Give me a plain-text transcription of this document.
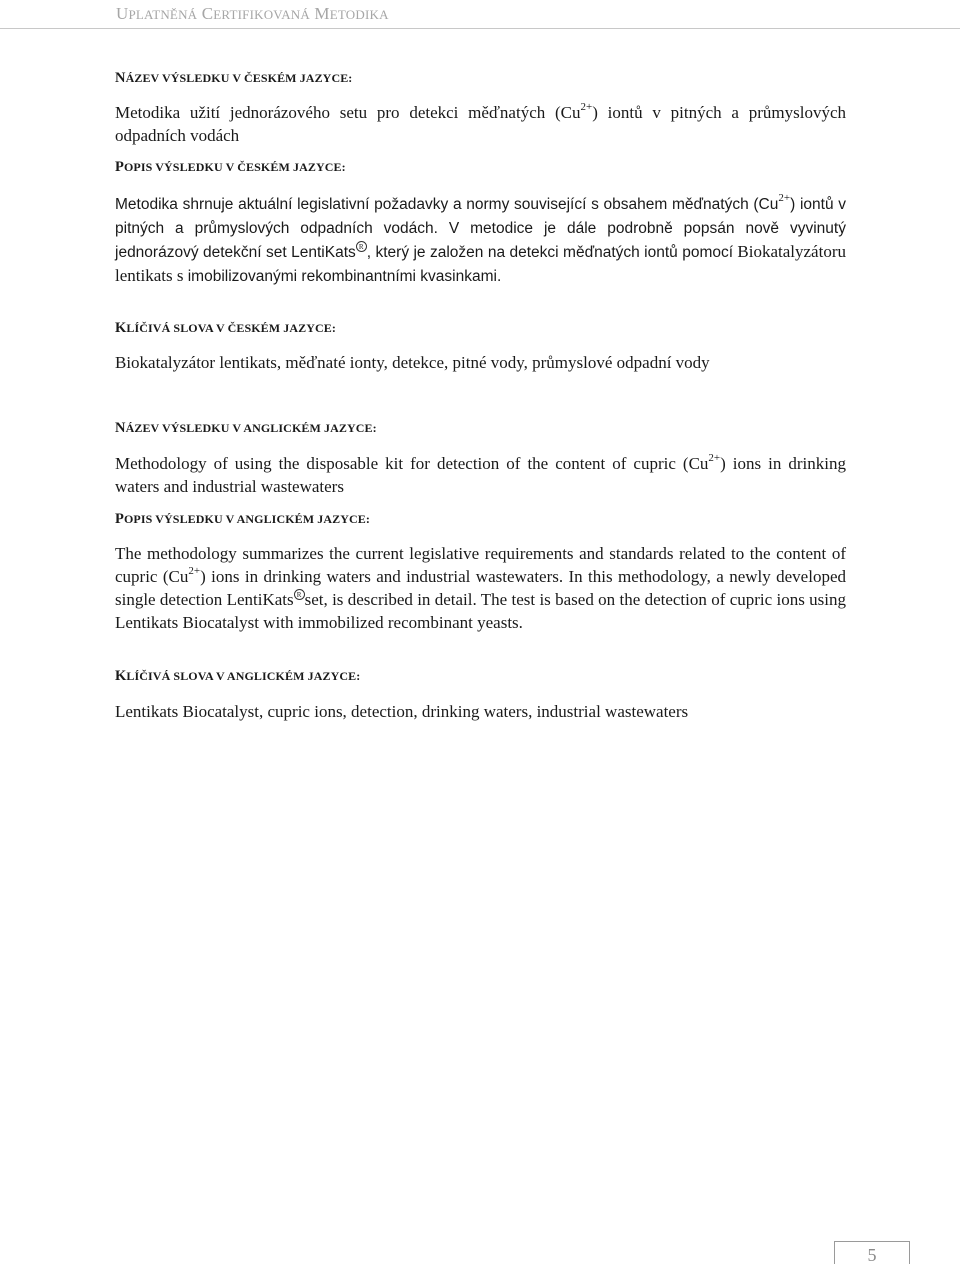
UPLATNĚNÁ CERTIFIKOVANÁ METODIKA

NÁZEV VÝSLEDKU V ČESKÉM JAZYCE:

Metodika užití jednorázového setu pro detekci měďnatých $(Cu^{2+})$ iontů v pitných a průmyslových odpadních vodách

POPIS VÝSLEDKU V ČESKÉM JAZYCE:

Metodika shrnuje aktuální legislativní požadavky a normy související s obsahem měďnatých $(Cu^{2+})$ iontů v pitných a průmyslových odpadních vodách. V metodice je dále podrobně popsán nově vyvinutý jednorázový detekční set LentiKats R , který je založen na detekci měďnatých iontů pomocí Biokatalyzátoru lentikats s imobilizovanými rekombinantními kvasinkami.

KLÍČIVÁ SLOVA V ČESKÉM JAZYCE:

Biokatalyzátor lentikats, měďnaté ionty, detekce, pitné vody, průmyslové odpadní vody

NÁZEV VÝSLEDKU V ANGLICKÉM JAZYCE:

Methodology of using the disposable kit for detection of the content of cupric $(Cu^{2+})$ ions in drinking waters and industrial wastewaters

POPIS VÝSLEDKU V ANGLICKÉM JAZYCE:

The methodology summarizes the current legislative requirements and standards related to the content of cupric $(Cu^{2+})$ ions in drinking waters and industrial wastewaters. In this methodology, a newly developed single detection LentiKats R set, is described in detail. The test is based on the detection of cupric ions using Lentikats Biocatalyst with immobilized recombinant yeasts.

KLÍČIVÁ SLOVA V ANGLICKÉM JAZYCE:

Lentikats Biocatalyst, cupric ions, detection, drinking waters, industrial wastewaters

5
